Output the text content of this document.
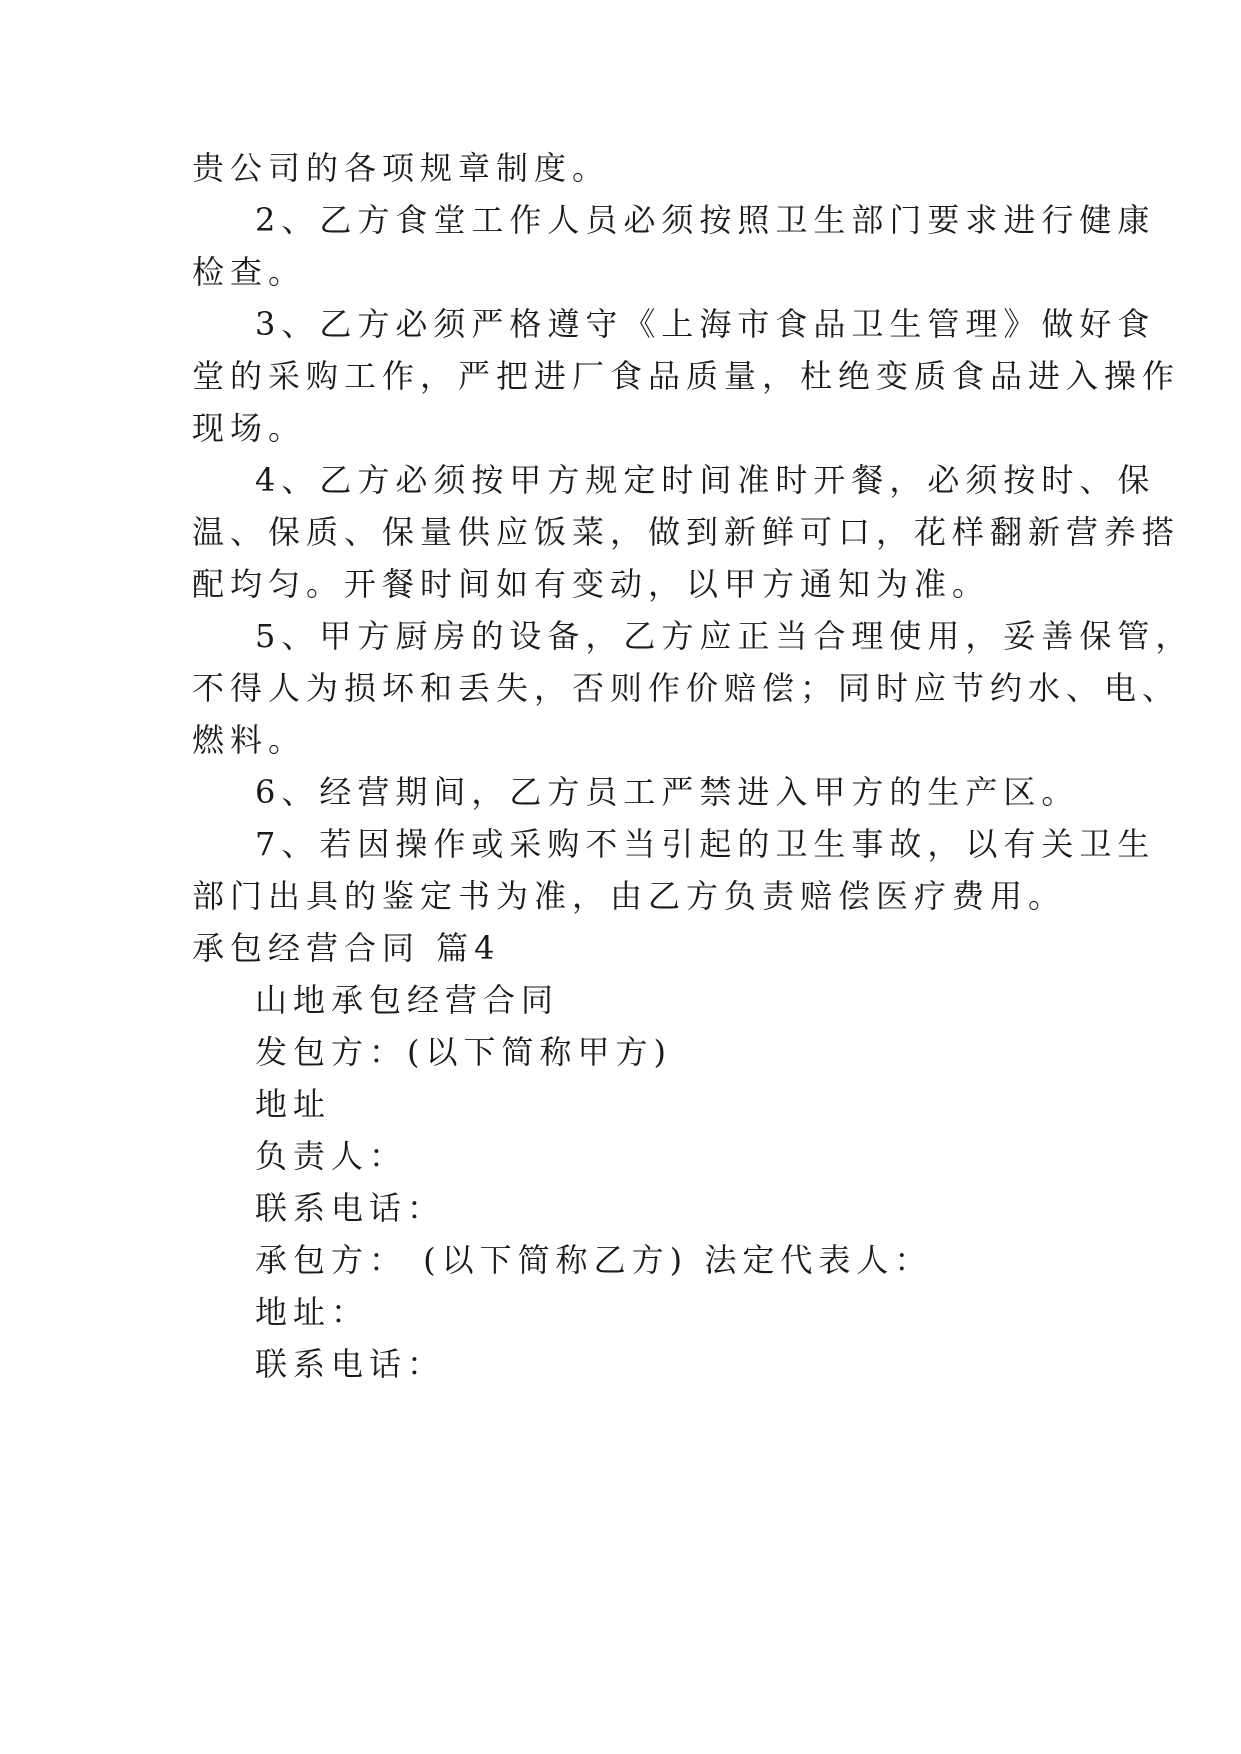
贵公司的各项规章制度。
2、乙方食堂工作人员必须按照卫生部门要求进行健康
检查。
3、乙方必须严格遵守《上海市食品卫生管理》做好食
堂的采购工作，严把进厂食品质量，杜绝变质食品进入操作
现场。
4、乙方必须按甲方规定时间准时开餐，必须按时、保
温、保质、保量供应饭菜，做到新鲜可口，花样翻新营养搭
配均匀。开餐时间如有变动，以甲方通知为准。
5、甲方厨房的设备，乙方应正当合理使用，妥善保管，
不得人为损坏和丢失，否则作价赔偿；同时应节约水、电、
燃料。
6、经营期间，乙方员工严禁进入甲方的生产区。
7、若因操作或采购不当引起的卫生事故，以有关卫生
部门出具的鉴定书为准，由乙方负责赔偿医疗费用。
承包经营合同 篇4
山地承包经营合同
发包方：(以下简称甲方)
地址
负责人：
联系电话：
承包方： (以下简称乙方) 法定代表人：
地址：
联系电话：
